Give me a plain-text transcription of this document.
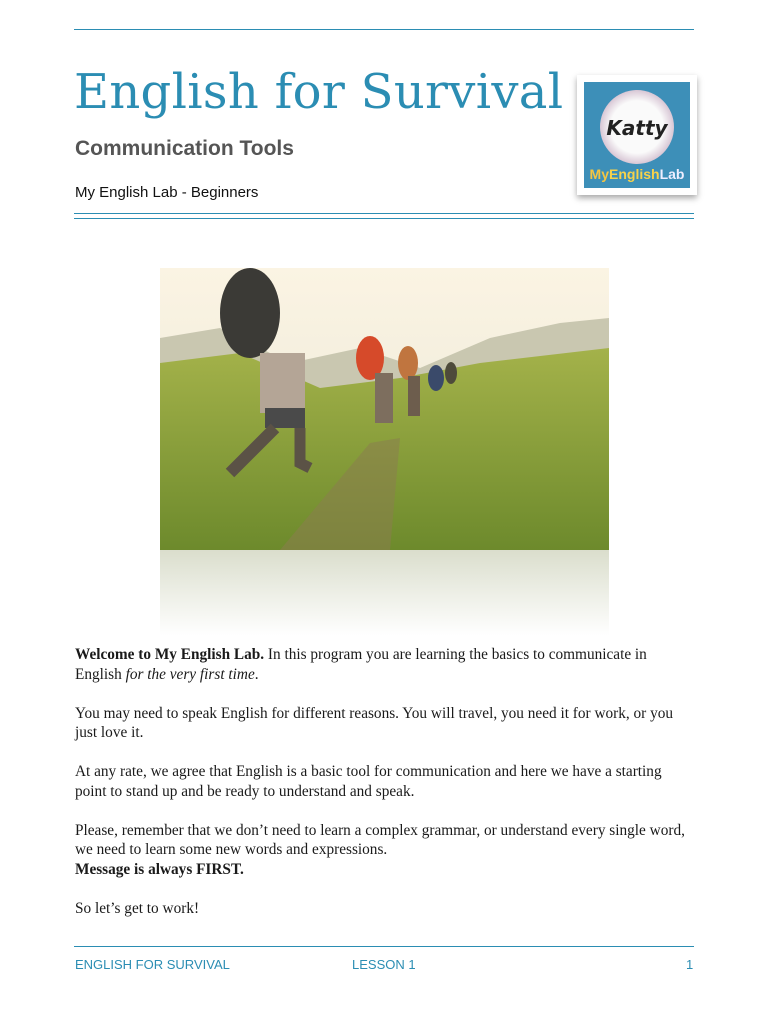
English for Survival
Communication Tools
My English Lab - Beginners
Katty
MyEnglishLab

Welcome to My English Lab. In this program you are learning the basics to communicate in English for the very first time.

You may need to speak English for different reasons. You will travel, you need it for work, or you just love it.

At any rate, we agree that English is a basic tool for communication and here we have a starting point to stand up and be ready to understand and speak.

Please, remember that we don’t need to learn a complex grammar, or understand every single word, we need to learn some new words and expressions.
Message is always FIRST.

So let’s get to work!

ENGLISH FOR SURVIVAL	LESSON 1	1
